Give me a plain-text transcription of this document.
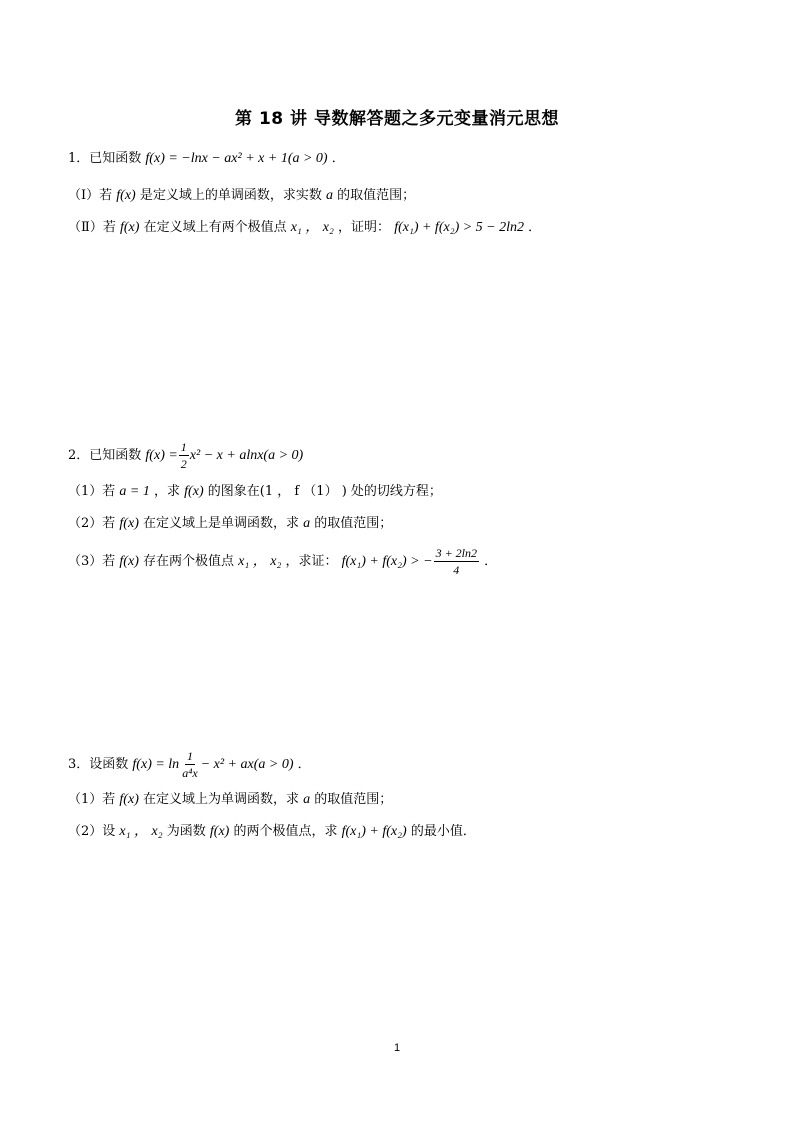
第 18 讲 导数解答题之多元变量消元思想
1．已知函数 f(x) = −lnx − ax² + x + 1(a > 0) ．
（Ⅰ）若 f(x) 是定义域上的单调函数，求实数 a 的取值范围；
（Ⅱ）若 f(x) 在定义域上有两个极值点 x₁ ， x₂ ，证明： f(x₁) + f(x₂) > 5 − 2ln2 ．
2．已知函数 $f(x) = \frac{1}{2} x^2 - x + alnx(a > 0)$
（1）若 a = 1 ，求 f(x) 的图象在(1 ， f （1） ) 处的切线方程；
（2）若 f(x) 在定义域上是单调函数，求 a 的取值范围；
（3）若 f(x) 存在两个极值点 x₁ ， x₂ ，求证： f(x₁) + f(x₂) > − $\frac{3 + 2\ln 2}{4}$ ．
3．设函数 $f(x) = \ln \frac{1}{\text{a⁴x}} - x^2 + ax(a > 0)$ ．
（1）若 f(x) 在定义域上为单调函数，求 a 的取值范围；
（2）设 x₁ ， x₂ 为函数 f(x) 的两个极值点，求 f(x₁) + f(x₂) 的最小值．
1
